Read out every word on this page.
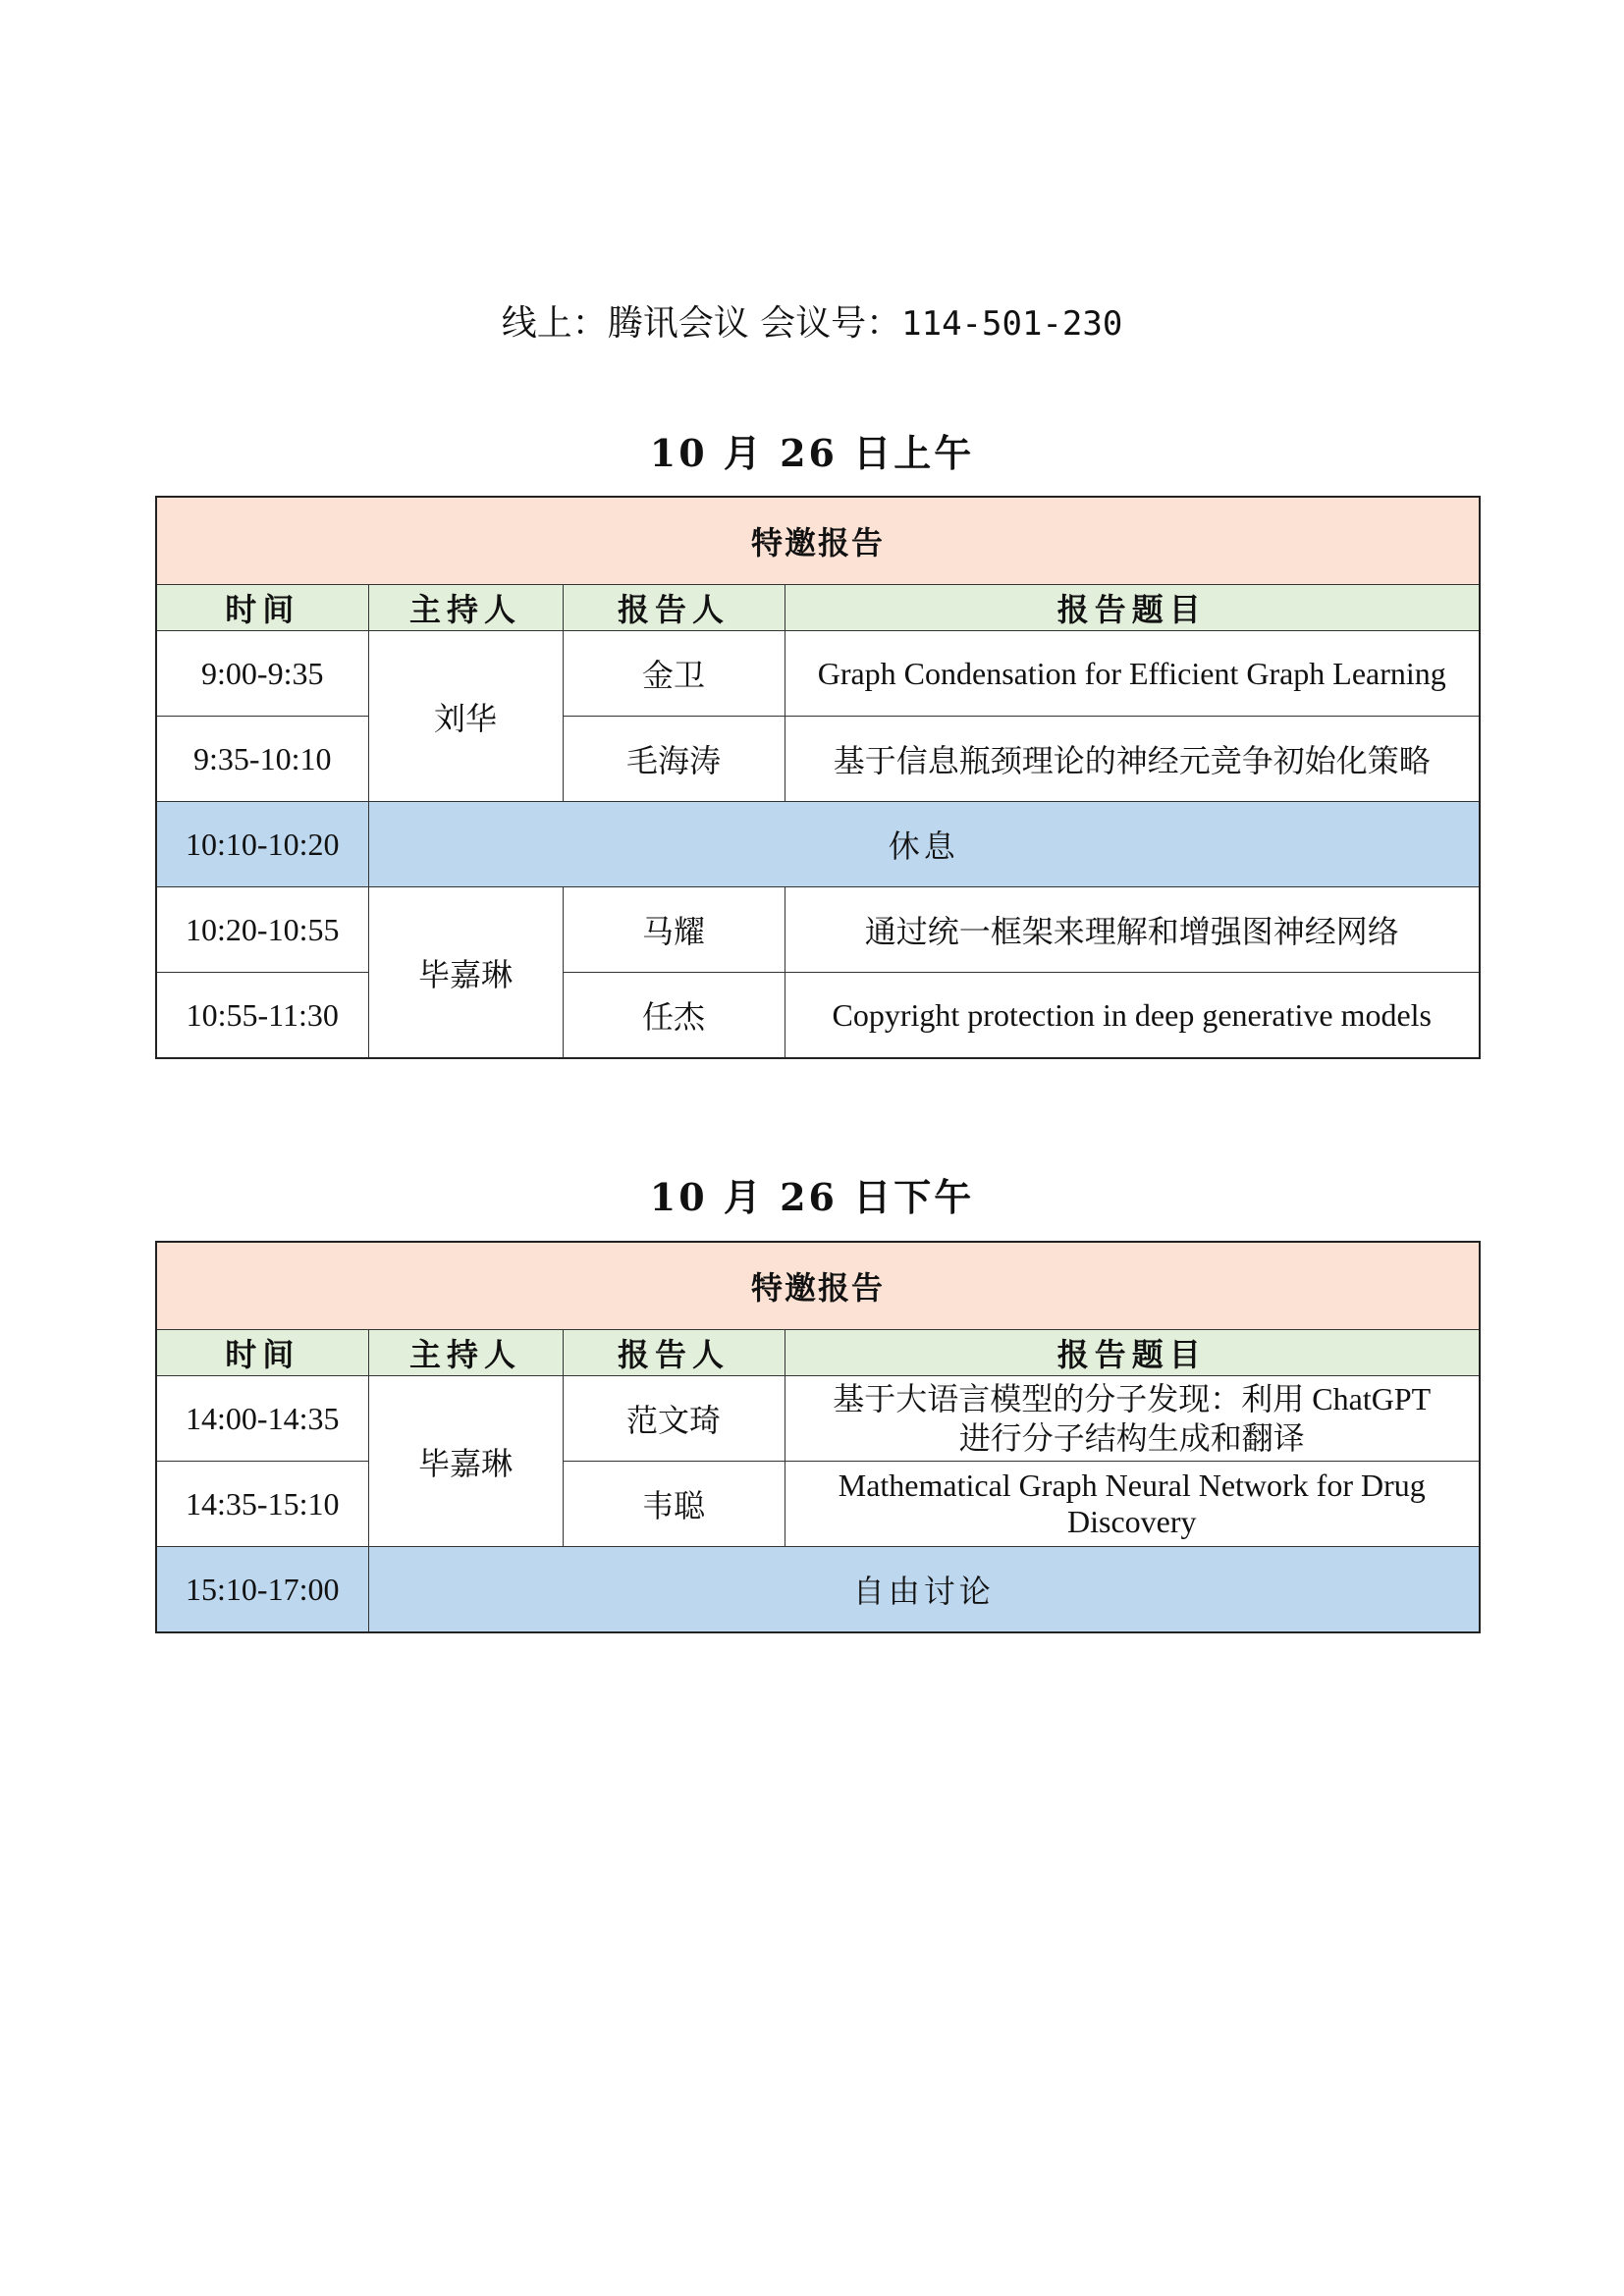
线上：腾讯会议 会议号：114-501-230
10 月 26 日上午
特邀报告			
时间	主持人	报告人	报告题目
9:00-9:35	刘华	金卫	Graph Condensation for Efficient Graph Learning
9:35-10:10		毛海涛	基于信息瓶颈理论的神经元竞争初始化策略
10:10-10:20	休息		
10:20-10:55	毕嘉琳	马耀	通过统一框架来理解和增强图神经网络
10:55-11:30		任杰	Copyright protection in deep generative models
10 月 26 日下午
特邀报告			
时间	主持人	报告人	报告题目
14:00-14:35	毕嘉琳	范文琦	基于大语言模型的分子发现：利用 ChatGPT
进行分子结构生成和翻译

14:35-15:10		韦聪	Mathematical Graph Neural Network for Drug Discovery
15:10-17:00	自由讨论		
